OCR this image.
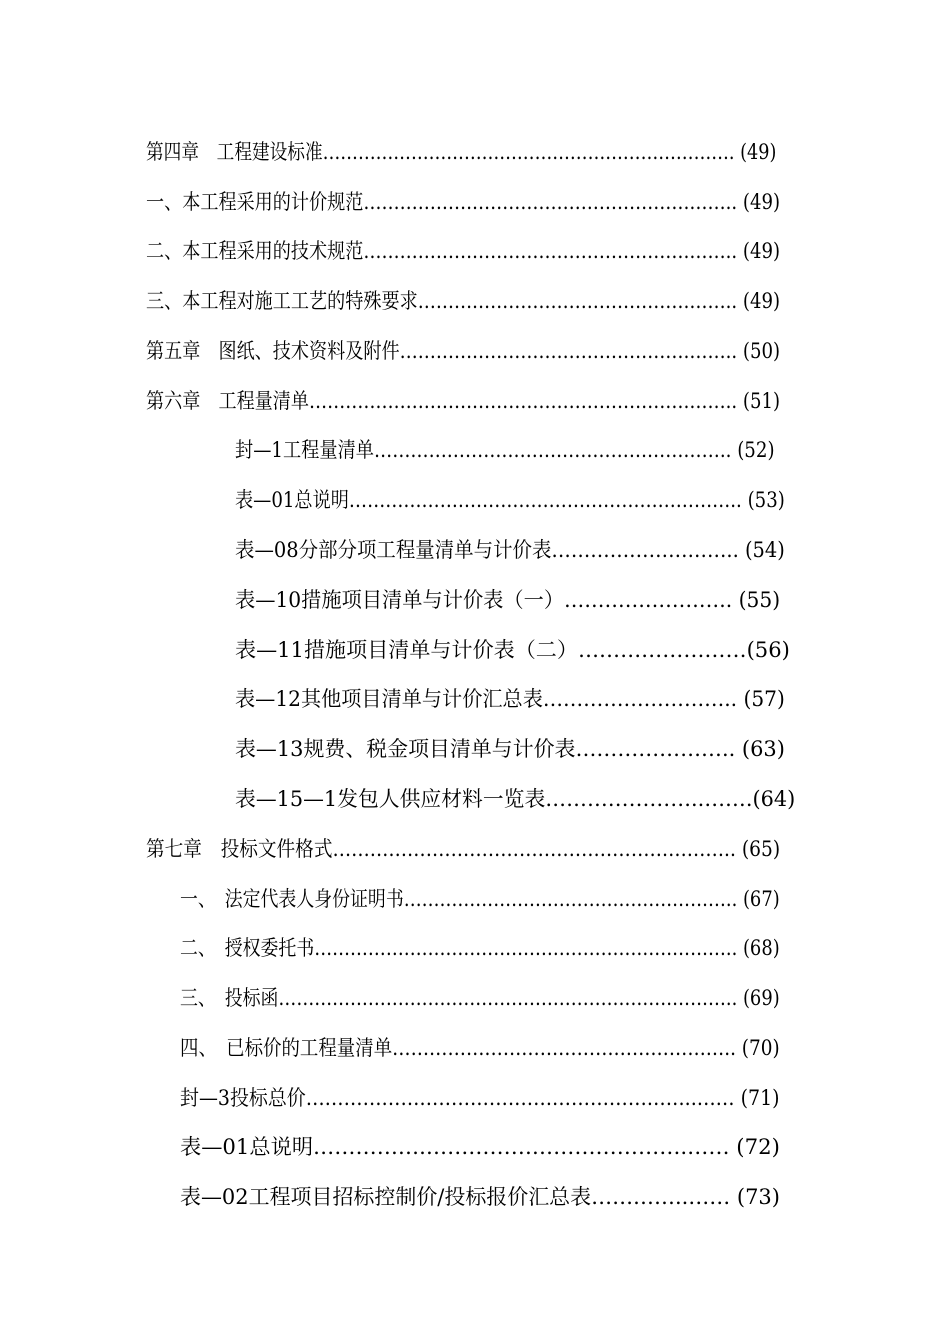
第四章　工程建设标准……………………………………………………………. (49)
一、本工程采用的计价规范…………………………………………………….. (49)
二、本工程采用的技术规范…………………………………………………….. (49)
三、本工程对施工工艺的特殊要求…………………………………………….. (49)
第五章　图纸、技术资料及附件……………………………………………….. (50)
第六章　工程量清单…………………………………………………………….. (51)
封—1工程量清单………………………………………………….. (52)
表—01总说明……………………………………………………….. (53)
表—08分部分项工程量清单与计价表……………………….. (54)
表—10措施项目清单与计价表（一）……………………. (55)
表—11措施项目清单与计价表（二）……………………(56)
表—12其他项目清单与计价汇总表……………………….. (57)
表—13规费、税金项目清单与计价表………………….. (63)
表—15—1发包人供应材料一览表…………………..…….(64)
第七章　投标文件格式……………………………………………………….. (65)
一、　法定代表人身份证明书……………………………………………….. (67)
二、　授权委托书…………………………………………………………….. (68)
三、　投标函………………………………………………………………….. (69)
四、　已标价的工程量清单……………………………………………….. (70)
封—3投标总价……………………………………………………..…… (71)
表—01总说明…………….……………………………….…… (72)
表—02工程项目招标控制价/投标报价汇总表…………..…… (73)
